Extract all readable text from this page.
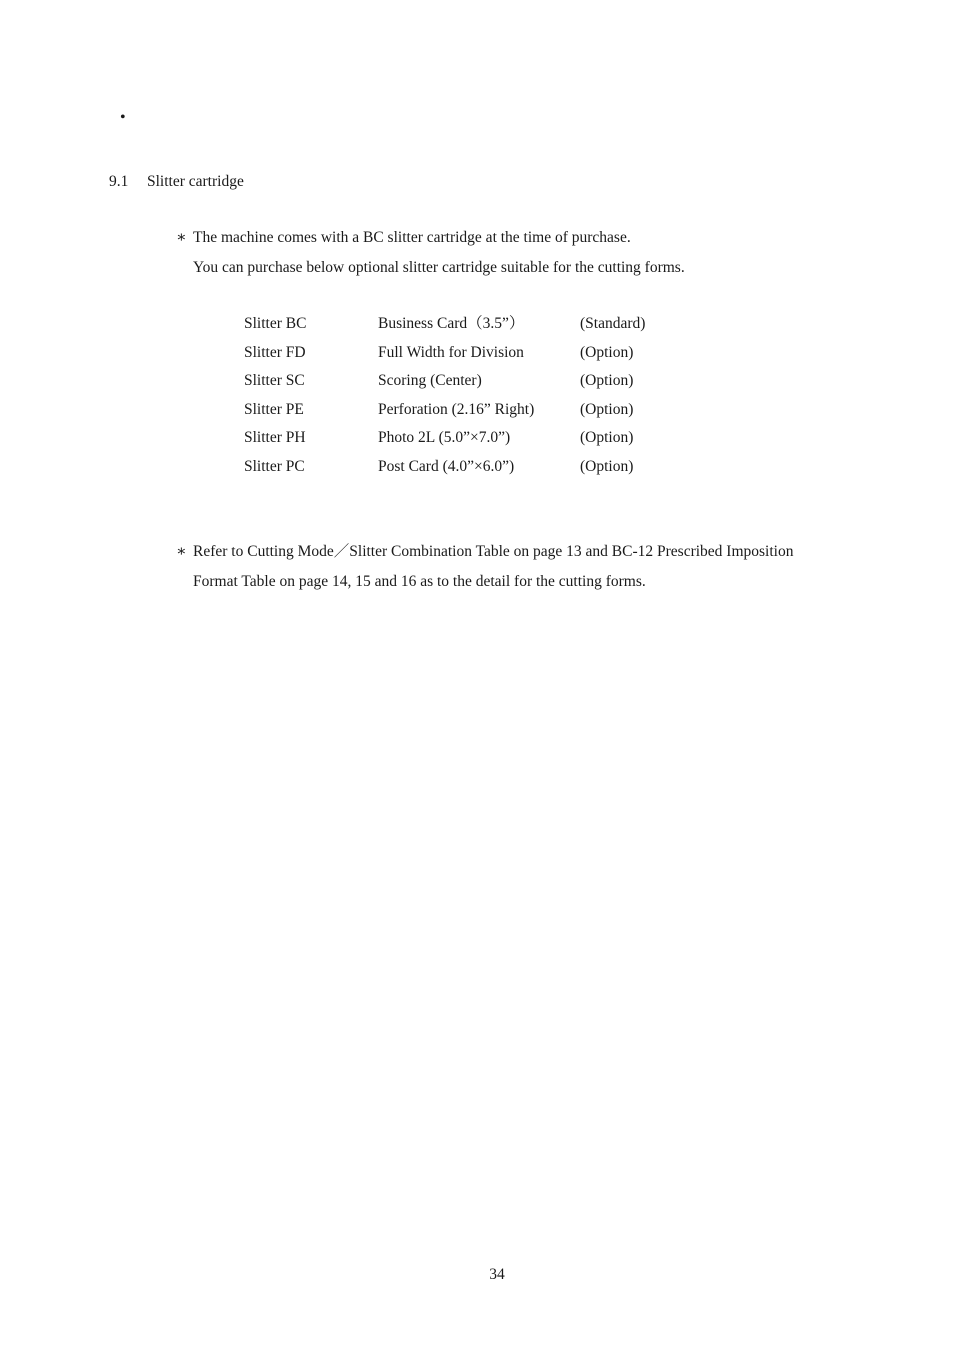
•
9.1 Slitter cartridge
∗ The machine comes with a BC slitter cartridge at the time of purchase.
You can purchase below optional slitter cartridge suitable for the cutting forms.
Slitter BC	Business Card（3.5”）	(Standard)
Slitter FD	Full Width for Division	(Option)
Slitter SC	Scoring (Center)	(Option)
Slitter PE	Perforation (2.16” Right)	(Option)
Slitter PH	Photo 2L (5.0”×7.0”)	(Option)
Slitter PC	Post Card (4.0”×6.0”)	(Option)
∗ Refer to Cutting Mode／Slitter Combination Table on page 13 and BC-12 Prescribed Imposition
Format Table on page 14, 15 and 16 as to the detail for the cutting forms.
34
